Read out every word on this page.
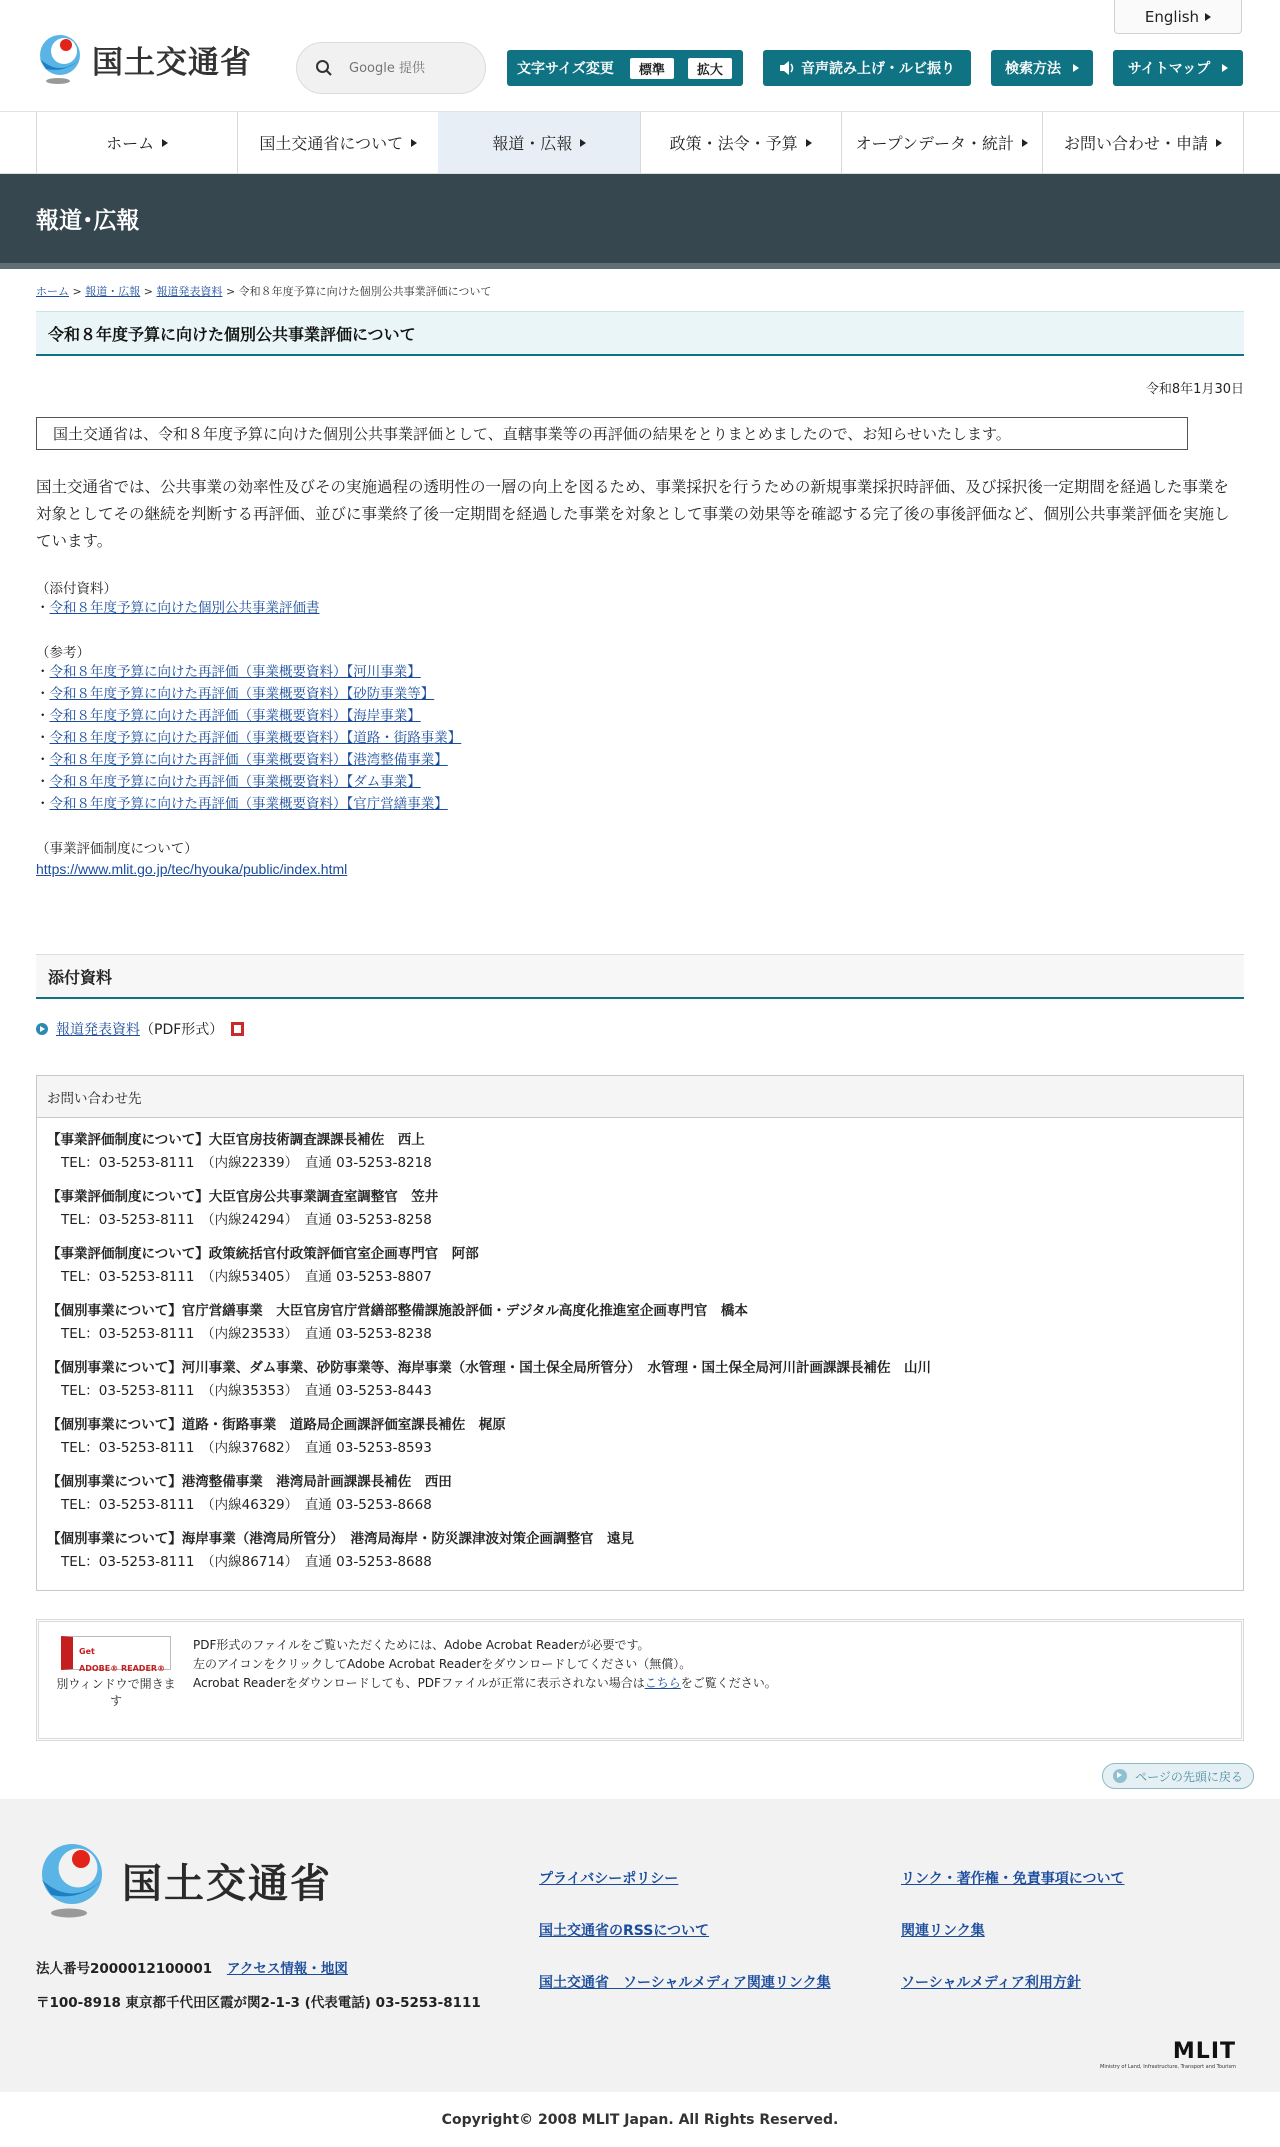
国土交通省
Google 提供
English
文字サイズ変更	標準	拡大	音声読み上げ・ルビ振り	検索方法	サイトマップ
ホーム	国土交通省について	報道・広報	政策・法令・予算	オープンデータ・統計	お問い合わせ・申請
報道･広報
ホーム > 報道・広報 > 報道発表資料 > 令和８年度予算に向けた個別公共事業評価について
令和８年度予算に向けた個別公共事業評価について
令和8年1月30日
国土交通省は、令和８年度予算に向けた個別公共事業評価として、直轄事業等の再評価の結果をとりまとめましたので、お知らせいたします。

国土交通省では、公共事業の効率性及びその実施過程の透明性の一層の向上を図るため、事業採択を行うための新規事業採択時評価、及び採択後一定期間を経過した事業を対象としてその継続を判断する再評価、並びに事業終了後一定期間を経過した事業を対象として事業の効果等を確認する完了後の事後評価など、個別公共事業評価を実施しています。

（添付資料）
・ 令和８年度予算に向けた個別公共事業評価書
（参考）
・ 令和８年度予算に向けた再評価（事業概要資料）【河川事業】
・ 令和８年度予算に向けた再評価（事業概要資料）【砂防事業等】
・ 令和８年度予算に向けた再評価（事業概要資料）【海岸事業】
・ 令和８年度予算に向けた再評価（事業概要資料）【道路・街路事業】
・ 令和８年度予算に向けた再評価（事業概要資料）【港湾整備事業】
・ 令和８年度予算に向けた再評価（事業概要資料）【ダム事業】
・ 令和８年度予算に向けた再評価（事業概要資料）【官庁営繕事業】
（事業評価制度について）
https://www.mlit.go.jp/tec/hyouka/public/index.html
添付資料
報道発表資料 （PDF形式）
お問い合わせ先
【事業評価制度について】大臣官房技術調査課課長補佐　西上
TEL：03-5253-8111　（内線22339）　直通 03-5253-8218
【事業評価制度について】大臣官房公共事業調査室調整官　笠井
TEL：03-5253-8111　（内線24294）　直通 03-5253-8258
【事業評価制度について】政策統括官付政策評価官室企画専門官　阿部
TEL：03-5253-8111　（内線53405）　直通 03-5253-8807
【個別事業について】官庁営繕事業　大臣官房官庁営繕部整備課施設評価・デジタル高度化推進室企画専門官　橋本
TEL：03-5253-8111　（内線23533）　直通 03-5253-8238
【個別事業について】河川事業、ダム事業、砂防事業等、海岸事業（水管理・国土保全局所管分）　水管理・国土保全局河川計画課課長補佐　山川
TEL：03-5253-8111　（内線35353）　直通 03-5253-8443
【個別事業について】道路・街路事業　道路局企画課評価室課長補佐　梶原
TEL：03-5253-8111　（内線37682）　直通 03-5253-8593
【個別事業について】港湾整備事業　港湾局計画課課長補佐　西田
TEL：03-5253-8111　（内線46329）　直通 03-5253-8668
【個別事業について】海岸事業（港湾局所管分）　港湾局海岸・防災課津波対策企画調整官　遠見
TEL：03-5253-8111　（内線86714）　直通 03-5253-8688
Get
ADOBE® READER®
別ウィンドウで開きます
PDF形式のファイルをご覧いただくためには、Adobe Acrobat Readerが必要です。
左のアイコンをクリックしてAdobe Acrobat Readerをダウンロードしてください（無償）。
Acrobat Readerをダウンロードしても、PDFファイルが正常に表示されない場合はこちらをご覧ください。
ページの先頭に戻る
国土交通省
法人番号2000012100001 アクセス情報・地図
〒100-8918 東京都千代田区霞が関2-1-3 (代表電話) 03-5253-8111
プライバシーポリシー	リンク・著作権・免責事項について
国土交通省のRSSについて	関連リンク集
国土交通省　ソーシャルメディア関連リンク集	ソーシャルメディア利用方針
MLIT
Ministry of Land, Infrastructure, Transport and Tourism
Copyright© 2008 MLIT Japan. All Rights Reserved.
